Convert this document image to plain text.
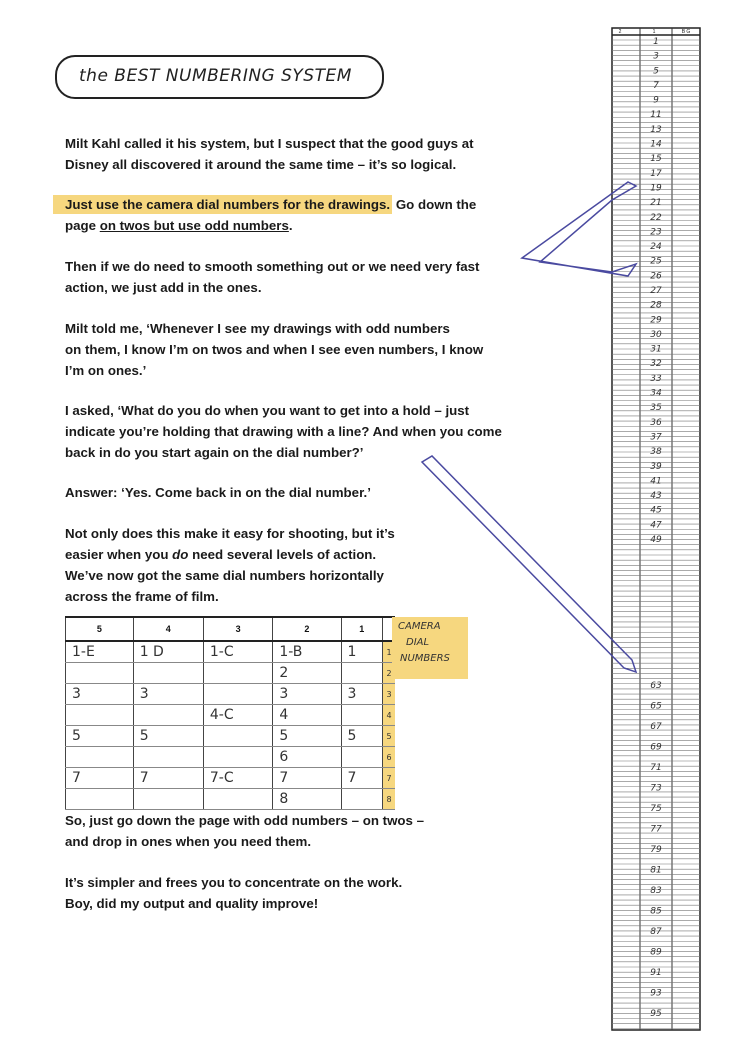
the BEST NUMBERING SYSTEM
Milt Kahl called it his system, but I suspect that the good guys at
Disney all discovered it around the same time – it’s so logical.
Just use the camera dial numbers for the drawings. Go down the
page on twos but use odd numbers.
Then if we do need to smooth something out or we need very fast
action, we just add in the ones.
Milt told me, ‘Whenever I see my drawings with odd numbers
on them, I know I’m on twos and when I see even numbers, I know
I’m on ones.’
I asked, ‘What do you do when you want to get into a hold – just
indicate you’re holding that drawing with a line? And when you come
back in do you start again on the dial number?’
Answer: ‘Yes. Come back in on the dial number.’
Not only does this make it easy for shooting, but it’s
easier when you do need several levels of action.
We’ve now got the same dial numbers horizontally
across the frame of film.
5	4	3	2	1	
1-E	1 D	1-C	1-B	1	1
			2		2
3	3		3	3	3
		4-C	4		4
5	5		5	5	5
			6		6
7	7	7-C	7	7	7
			8		8
CAMERA
DIAL
NUMBERS
So, just go down the page with odd numbers – on twos –
and drop in ones when you need them.
It’s simpler and frees you to concentrate on the work.
Boy, did my output and quality improve!
2	1	B G
1
3
5
7
9
11
13
14
15
17
19
21
22
23
24
25
26
27
28
29
30
31
32
33
34
35
36
37
38
39
41
43
45
47
49
63
65
67
69
71
73
75
77
79
81
83
85
87
89
91
93
95
